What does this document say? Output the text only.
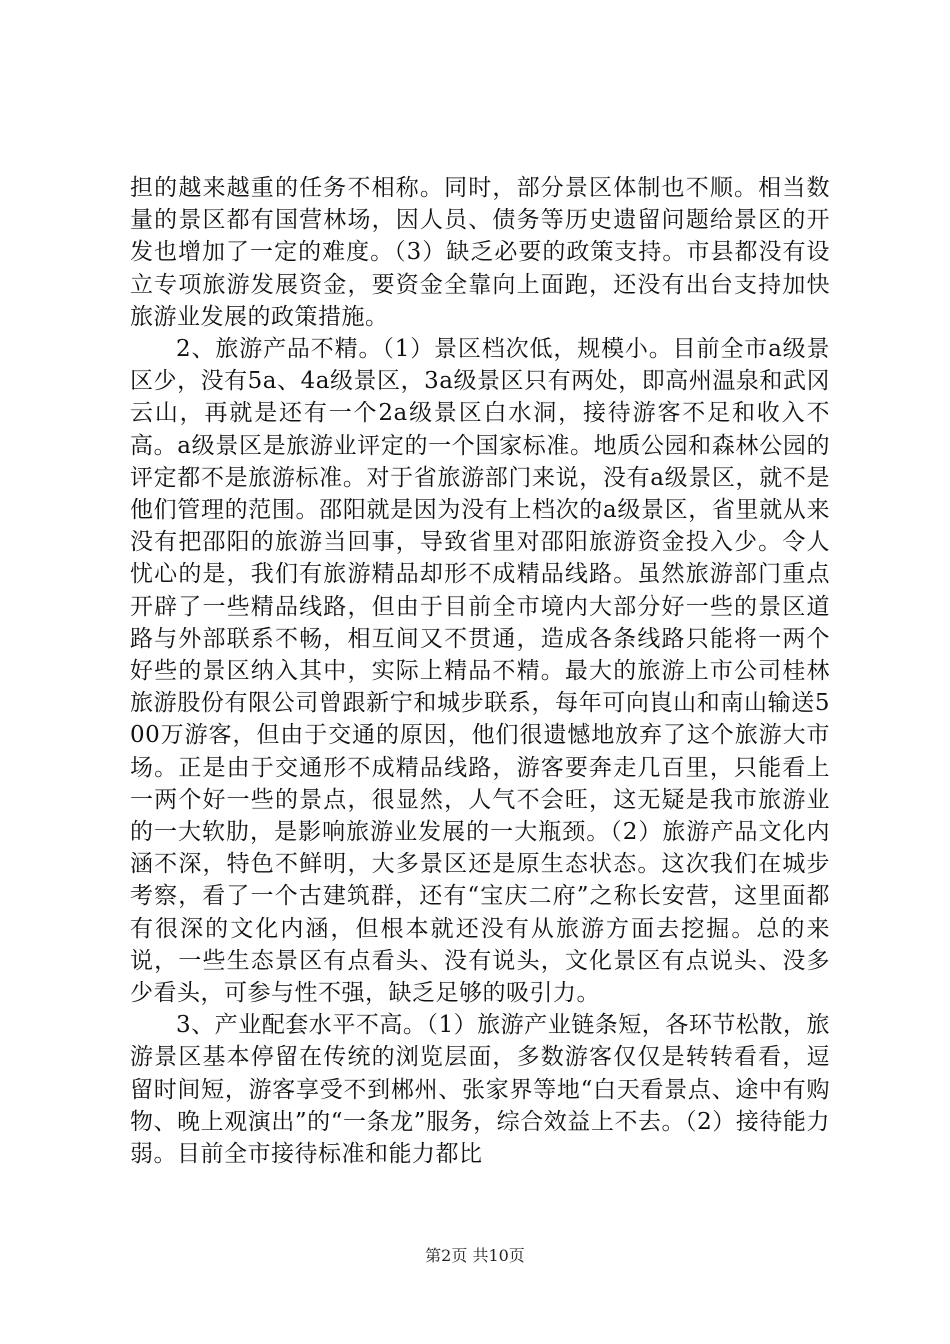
担的越来越重的任务不相称。同时，部分景区体制也不顺。相当数量的景区都有国营林场，因人员、债务等历史遗留问题给景区的开发也增加了一定的难度。（3）缺乏必要的政策支持。市县都没有设立专项旅游发展资金，要资金全靠向上面跑，还没有出台支持加快旅游业发展的政策措施。

2、旅游产品不精。（1）景区档次低，规模小。目前全市a级景区少，没有5a、4a级景区，3a级景区只有两处，即高州温泉和武冈云山，再就是还有一个2a级景区白水洞，接待游客不足和收入不高。a级景区是旅游业评定的一个国家标准。地质公园和森林公园的评定都不是旅游标准。对于省旅游部门来说，没有a级景区，就不是他们管理的范围。邵阳就是因为没有上档次的a级景区，省里就从来没有把邵阳的旅游当回事，导致省里对邵阳旅游资金投入少。令人忧心的是，我们有旅游精品却形不成精品线路。虽然旅游部门重点开辟了一些精品线路，但由于目前全市境内大部分好一些的景区道路与外部联系不畅，相互间又不贯通，造成各条线路只能将一两个好些的景区纳入其中，实际上精品不精。最大的旅游上市公司桂林旅游股份有限公司曾跟新宁和城步联系，每年可向崀山和南山输送500万游客，但由于交通的原因，他们很遗憾地放弃了这个旅游大市场。正是由于交通形不成精品线路，游客要奔走几百里，只能看上一两个好一些的景点，很显然，人气不会旺，这无疑是我市旅游业的一大软肋，是影响旅游业发展的一大瓶颈。（2）旅游产品文化内涵不深，特色不鲜明，大多景区还是原生态状态。这次我们在城步考察，看了一个古建筑群，还有“宝庆二府”之称长安营，这里面都有很深的文化内涵，但根本就还没有从旅游方面去挖掘。总的来说，一些生态景区有点看头、没有说头，文化景区有点说头、没多少看头，可参与性不强，缺乏足够的吸引力。

3、产业配套水平不高。（1）旅游产业链条短，各环节松散，旅游景区基本停留在传统的浏览层面，多数游客仅仅是转转看看，逗留时间短，游客享受不到郴州、张家界等地“白天看景点、途中有购物、晚上观演出”的“一条龙”服务，综合效益上不去。（2）接待能力弱。目前全市接待标准和能力都比

第2页 共10页
